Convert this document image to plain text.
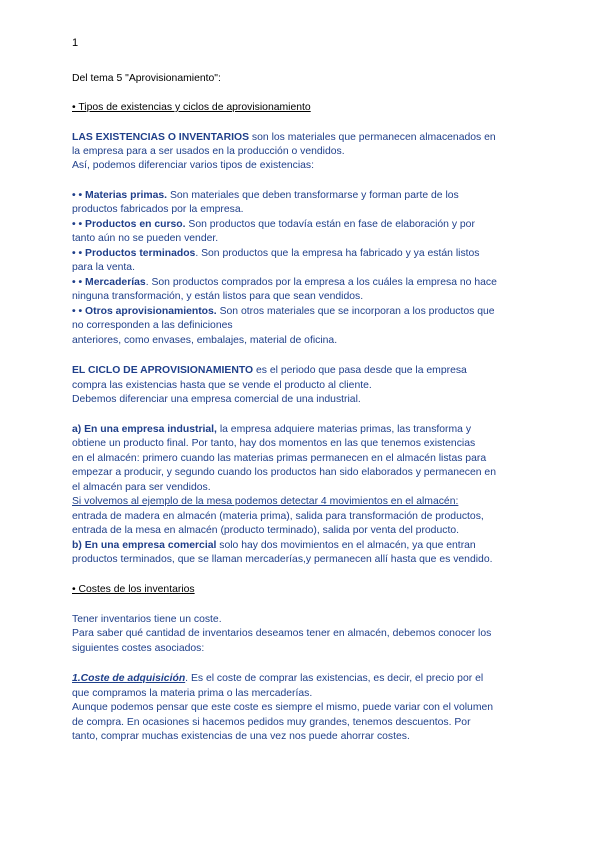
1
Del tema 5 "Aprovisionamiento":
• Tipos de existencias y ciclos de aprovisionamiento
LAS EXISTENCIAS O INVENTARIOS son los materiales que permanecen almacenados en
la empresa para a ser usados en la producción o vendidos.
Así, podemos diferenciar varios tipos de existencias:
• • Materias primas. Son materiales que deben transformarse y forman parte de los
productos fabricados por la empresa.
• • Productos en curso. Son productos que todavía están en fase de elaboración y por
tanto aún no se pueden vender.
• • Productos terminados. Son productos que la empresa ha fabricado y ya están listos
para la venta.
• • Mercaderías. Son productos comprados por la empresa a los cuáles la empresa no hace
ninguna transformación, y están listos para que sean vendidos.
• • Otros aprovisionamientos. Son otros materiales que se incorporan a los productos que
no corresponden a las definiciones
anteriores, como envases, embalajes, material de oficina.
EL CICLO DE APROVISIONAMIENTO es el periodo que pasa desde que la empresa
compra las existencias hasta que se vende el producto al cliente.
Debemos diferenciar una empresa comercial de una industrial.
a) En una empresa industrial, la empresa adquiere materias primas, las transforma y
obtiene un producto final. Por tanto, hay dos momentos en las que tenemos existencias
en el almacén: primero cuando las materias primas permanecen en el almacén listas para
empezar a producir, y segundo cuando los productos han sido elaborados y permanecen en
el almacén para ser vendidos.
Si volvemos al ejemplo de la mesa podemos detectar 4 movimientos en el almacén:
entrada de madera en almacén (materia prima), salida para transformación de productos,
entrada de la mesa en almacén (producto terminado), salida por venta del producto.
b) En una empresa comercial solo hay dos movimientos en el almacén, ya que entran
productos terminados, que se llaman mercaderías,y permanecen allí hasta que es vendido.
• Costes de los inventarios
Tener inventarios tiene un coste.
Para saber qué cantidad de inventarios deseamos tener en almacén, debemos conocer los
siguientes costes asociados:
1.Coste de adquisición. Es el coste de comprar las existencias, es decir, el precio por el
que compramos la materia prima o las mercaderías.
Aunque podemos pensar que este coste es siempre el mismo, puede variar con el volumen
de compra. En ocasiones si hacemos pedidos muy grandes, tenemos descuentos. Por
tanto, comprar muchas existencias de una vez nos puede ahorrar costes.
